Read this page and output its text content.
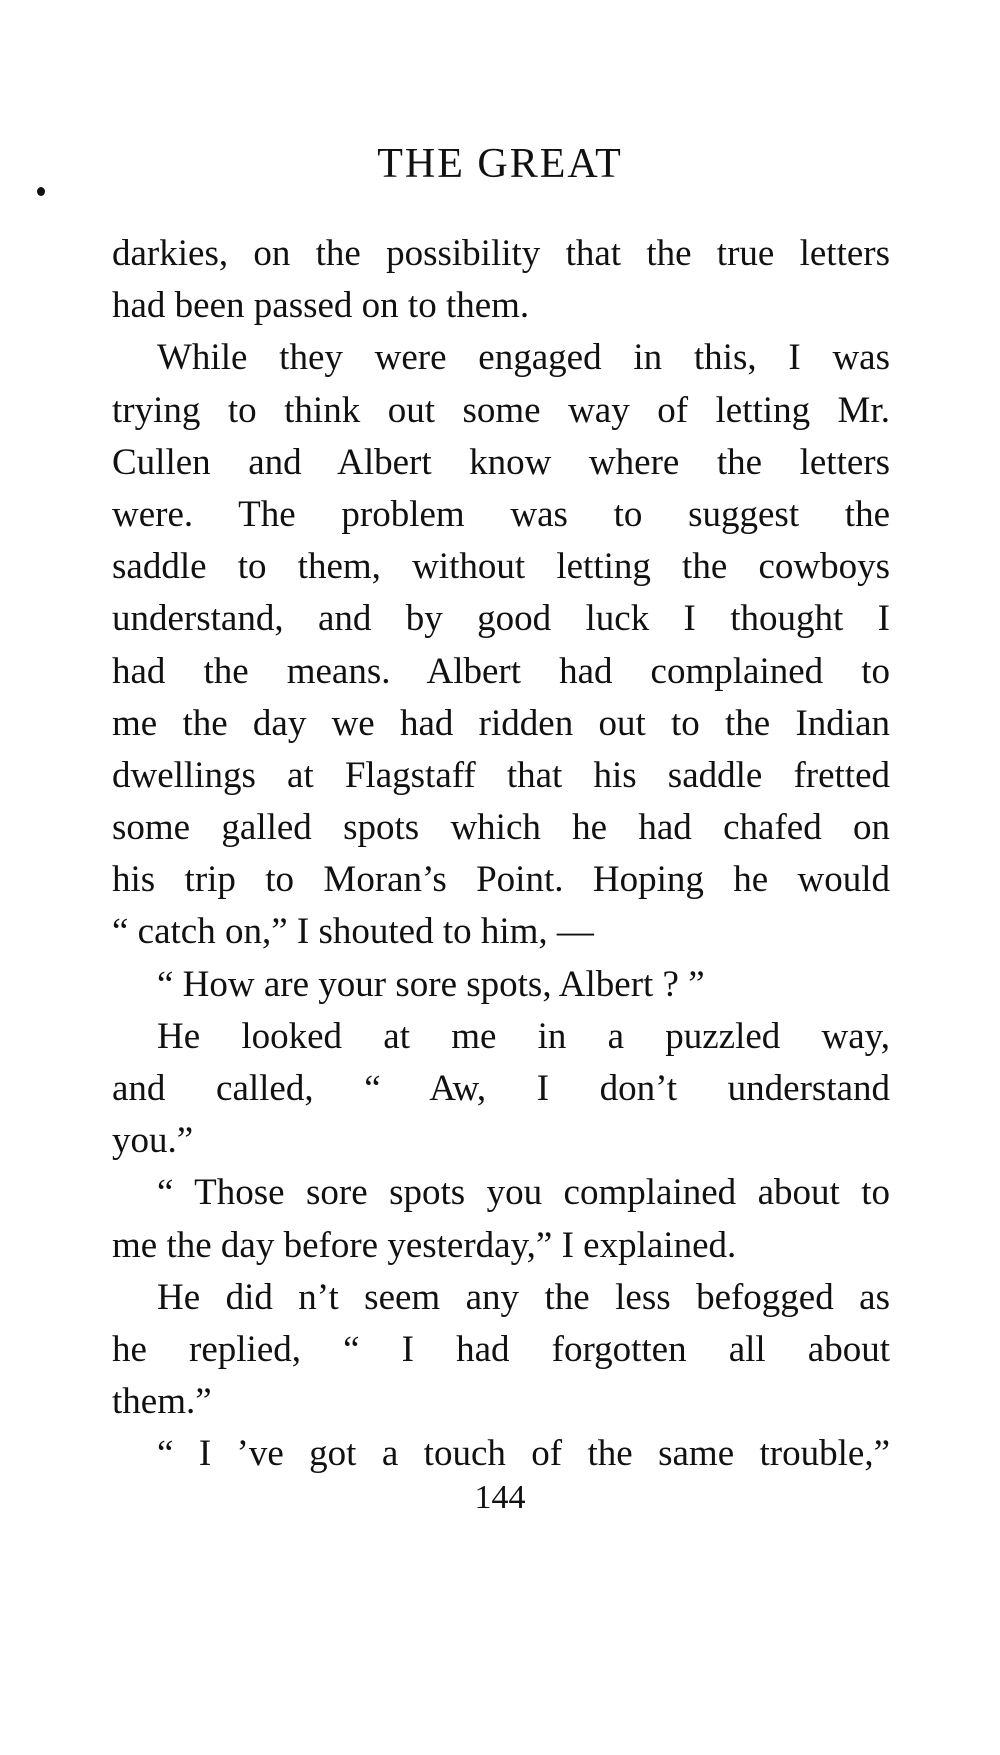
THE GREAT
darkies, on the possibility that the true letters
had been passed on to them.
While they were engaged in this, I was
trying to think out some way of letting Mr.
Cullen and Albert know where the letters
were. The problem was to suggest the
saddle to them, without letting the cowboys
understand, and by good luck I thought I
had the means. Albert had complained to
me the day we had ridden out to the Indian
dwellings at Flagstaff that his saddle fretted
some galled spots which he had chafed on
his trip to Moran’s Point. Hoping he would
“ catch on,” I shouted to him, —
“ How are your sore spots, Albert ? ”
He looked at me in a puzzled way,
and called, “ Aw, I don’t understand
you.”
“ Those sore spots you complained about to
me the day before yesterday,” I explained.
He did n’t seem any the less befogged as
he replied, “ I had forgotten all about
them.”
“ I ’ve got a touch of the same trouble,”
144
